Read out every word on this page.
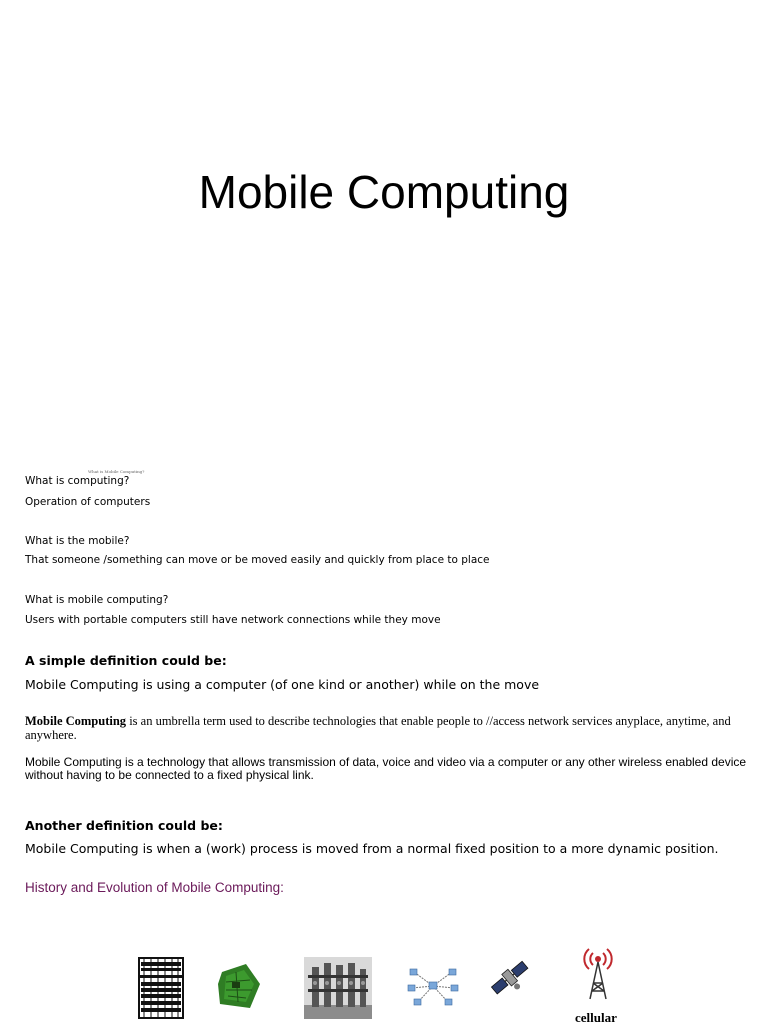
Mobile Computing
What is Mobile Computing?
What is computing?
Operation of computers
What is the mobile?
That someone /something can move or be moved easily and quickly from place to place
What is mobile computing?
Users with portable computers still have network connections while they move
A simple definition could be:
Mobile Computing is using a computer (of one kind or another) while on the move
Mobile Computing is an umbrella term used to describe technologies that enable people to //access network services anyplace, anytime, and anywhere.
Mobile Computing is a technology that allows transmission of data, voice and video via a computer or any other wireless enabled device without having to be connected to a fixed physical link.
Another definition could be:
Mobile Computing is when a (work) process is moved from a normal fixed position to a more dynamic position.
History and Evolution of Mobile Computing:
cellular
